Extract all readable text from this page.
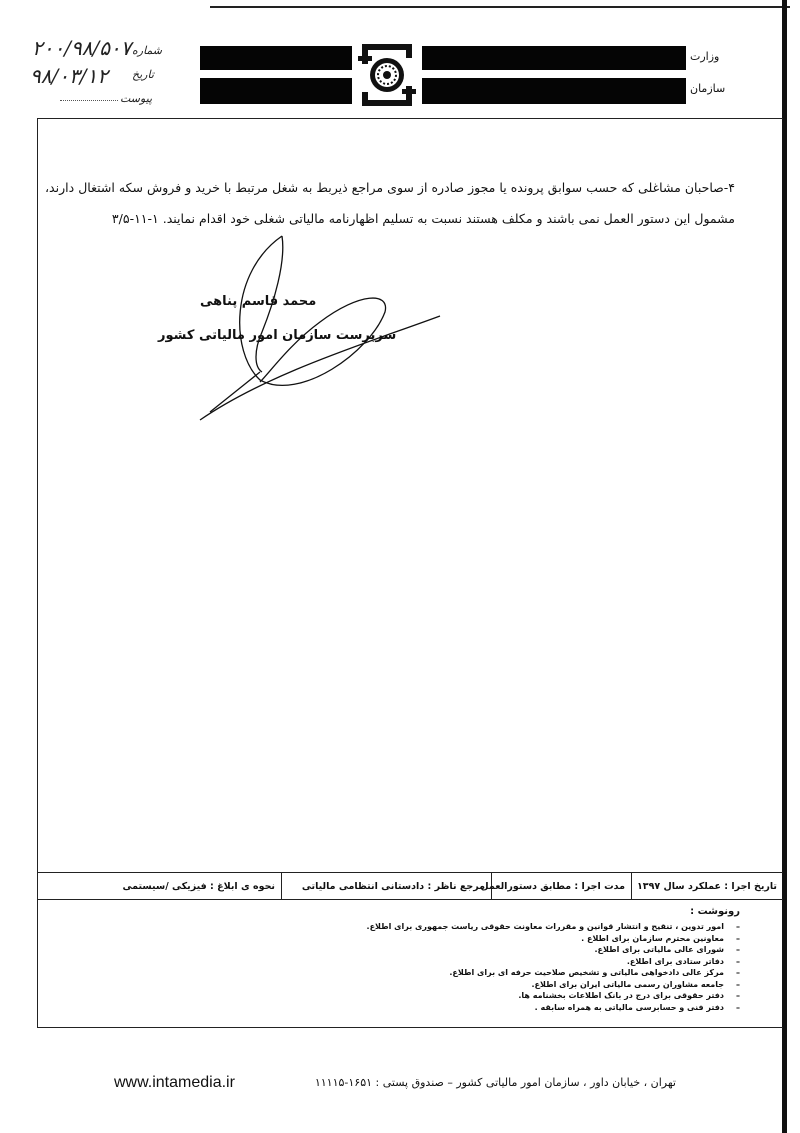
۲۰۰/۹۸/۵۰۷ شماره
۹۸/۰۳/۱۲ تاریخ
پیوست
وزارت
سازمان
۴-صاحبان مشاغلی که حسب سوابق پرونده یا مجوز صادره از سوی مراجع ذیربط به شغل مرتبط با خرید و فروش سکه اشتغال دارند، مشمول این دستور العمل نمی باشند و مکلف هستند نسبت به تسلیم اظهارنامه مالیاتی شغلی خود اقدام نمایند. ۱-۱۱-۳/۵
محمد قاسم پناهی
سرپرست سازمان امور مالیاتی کشور
تاریخ اجرا : عملکرد سال ۱۳۹۷
مدت اجرا : مطابق دستورالعمل
مرجع ناظر : دادستانی انتظامی مالیاتی
نحوه ی ابلاغ : فیزیکی /سیستمی
رونوشت :
– امور تدوین ، تنقیح و انتشار قوانین و مقررات معاونت حقوقی ریاست جمهوری برای اطلاع.
– معاونین محترم سازمان برای اطلاع .
– شورای عالی مالیاتی برای اطلاع.
– دفاتر ستادی برای اطلاع.
– مرکز عالی دادخواهی مالیاتی و تشخیص صلاحیت حرفه ای برای اطلاع.
– جامعه مشاوران رسمی مالیاتی ایران برای اطلاع.
– دفتر حقوقی برای درج در بانک اطلاعات بخشنامه ها.
– دفتر فنی و حسابرسی مالیاتی به همراه سابقه .
www.intamedia.ir	تهران ، خیابان داور ، سازمان امور مالیاتی کشور – صندوق پستی : ۱۶۵۱-۱۱۱۱۵
